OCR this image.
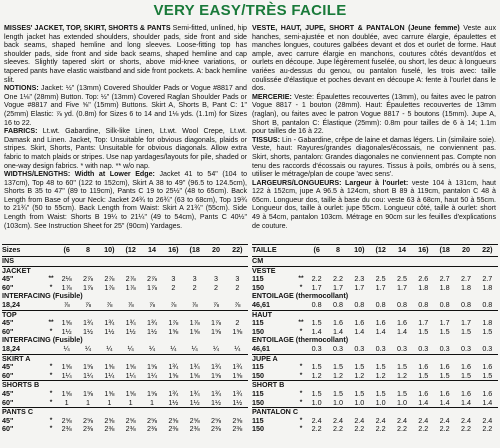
VERY EASY/TRÈS FACILE

MISSES' JACKET, TOP, SKIRT, SHORTS & PANTS Semi-fitted, unlined, hip length jacket has extended shoulders, shoulder pads, side front and side back seams, shaped hemline and long sleeves. Loose-fitting top has shoulder pads, side front and side back seams, shaped hemline and cap sleeves. Slightly tapered skirt or shorts, above mid-knee variations, or tapered pants have elastic waistband and side front pockets. A: back hemline slit.

NOTIONS: Jacket: ½" (13mm) Covered Shoulder Pads or Vogue #8817 and One 1⅛" (28mm) Button. Top: ½" (13mm) Covered Raglan Shoulder Pads or Vogue #8817 and Five ⅝" (15mm) Buttons. Skirt A, Shorts B, Pant C: 1" (25mm) Elastic: ⅞ yd. (0.8m) for Sizes 6 to 14 and 1⅛ yds. (1.1m) for Sizes 16 to 22.

FABRICS: Lt.wt. Gabardine, Silk-like Linen, Lt.wt. Wool Crepe, Lt.wt. Damask and Linen. Jacket, Top: Unsuitable for obvious diagonals, plaids or stripes. Skirt, Shorts, Pants: Unsuitable for obvious diagonals. Allow extra fabric to match plaids or stripes. Use nap yardages/layouts for pile, shaded or one-way design fabrics. * with nap. ** w/o nap.

WIDTHS/LENGTHS: Width at Lower Edge: Jacket 41 to 54" (104 to 137cm), Top 48 to 60" (122 to 152cm), Skirt A 38 to 49" (96.5 to 124.5cm), Shorts B 35 to 47" (89 to 119cm), Pants C 19 to 25½" (48 to 65cm). Back Length from Base of your Neck: Jacket 24¾ to 26¾" (63 to 68cm), Top 19¾ to 21¾" (50 to 55cm). Back Length from Waist: Skirt A 21¾" (55cm). Side Length from Waist: Shorts B 19¼ to 21¼" (49 to 54cm), Pants C 40½" (103cm). See Instruction Sheet for 25" (90cm) Yardages.

VESTE, HAUT, JUPE, SHORT & PANTALON (Jeune femme) Veste aux hanches, semi-ajustée et non doublée, avec carrure élargie, épaulettes et manches longues, coutures galbées devant et dos et ourlet de forme. Haut ample, avec carrure élargie en manchons, coutures côtés devant/dos et ourlets en découpe. Jupe légèrement fuselée, ou short, les deux: à longueurs variées au-dessus du genou, ou pantalon fuselé, les trois avec: taille coulissée d'élastique et poches devant en découpe A: fente à l'ourlet dans le dos.

MERCERIE: Veste: Épaulettes recouvertes (13mm), ou faites avec le patron Vogue 8817 - 1 bouton (28mm). Haut: Épaulettes recouvertes de 13mm (raglan), ou faites avec le patron Vogue 8817 - 5 boutons (15mm). Jupe A, Short B, pantalon C: Élastique (25mm): 0.8m pour tailles de 6 à 14; 1.1m pour tailles de 16 à 22.

TISSUS: Lin - Gabardine, crêpe de laine et damas légers. Lin (similaire soie). Veste, haut: Rayures/grandes diagonales/écossais, ne conviennent pas. Skirt, shorts, pantalon: Grandes diagonales ne conviennent pas. Compte non tenu des raccords d'écossais ou rayures. Tissus à poils, ombrés ou à sens, utiliser le métrage/plan de coupe 'avec sens'.

LARGEURS/LONGUEURS: Largeur à l'ourlet: veste 104 à 131cm, haut 122 à 152cm, jupe A 96.5 à 124cm, short B 89 à 119cm, pantalon C 48 à 65cm. Longueur dos, taille à base du cou: veste 63 à 68cm, haut 50 à 55cm. Longueur dos, taille à ourlet: jupe 55cm. Longueur côté, taille à ourlet: short 49 à 54cm, pantalon 103cm. Métrage en 90cm sur les feuilles d'explications de couture.

Sizes		(6	8	10)	(12	14	16)	(18	20	22)
INS										
JACKET										
45"	**	2⅛	2⅞	2⅞	2⅞	2⅞	3	3	3	3
60"	*	1⅞	1⅞	1⅞	1⅞	1⅞	2	2	2	2
INTERFACING (Fusible)										
18,24		⅞	⅞	⅞	⅞	⅞	⅞	⅞	⅞	⅞
TOP										
45"	**	1⅝	1¾	1¾	1¾	1¾	1⅞	1⅞	1⅞	2
60"	*	1½	1½	1½	1½	1½	1⅝	1⅝	1⅝	1⅝
INTERFACING (Fusible)										
18,24		¼	¼	¼	¼	¼	¼	¼	¼	¼
SKIRT A										
45"	*	1⅝	1⅝	1⅝	1⅝	1⅝	1¾	1¾	1¾	1¾
60"	*	1¼	1¼	1¼	1¼	1¼	1⅝	1⅝	1⅝	1⅝
SHORTS B										
45"	*	1⅝	1⅝	1⅝	1⅝	1⅝	1¾	1¾	1¾	1¾
60"	*	1	1	1	1	1	1½	1½	1½	1½
PANTS C										
45"	*	2⅝	2⅝	2⅝	2⅝	2⅝	2⅝	2⅝	2⅝	2⅝
60"	*	2⅜	2⅜	2⅜	2⅜	2⅜	2⅜	2⅜	2⅜	2⅜
TAILLE		(6	8	10)	(12	14	16)	(18	20	22)
CM										
VESTE										
115	**	2.2	2.2	2.3	2.5	2.5	2.6	2.7	2.7	2.7
150	*	1.7	1.7	1.7	1.7	1.7	1.8	1.8	1.8	1.8
ENTOILAGE (thermocollant)										
46,61		0.8	0.8	0.8	0.8	0.8	0.8	0.8	0.8	0.8
HAUT										
115	**	1.5	1.6	1.6	1.6	1.6	1.7	1.7	1.7	1.8
150	*	1.4	1.4	1.4	1.4	1.4	1.5	1.5	1.5	1.5
ENTOILAGE (thermocollant)										
46,61		0.3	0.3	0.3	0.3	0.3	0.3	0.3	0.3	0.3
JUPE A										
115	*	1.5	1.5	1.5	1.5	1.5	1.6	1.6	1.6	1.6
150	*	1.2	1.2	1.2	1.2	1.2	1.5	1.5	1.5	1.5
SHORT B										
115	*	1.5	1.5	1.5	1.5	1.5	1.6	1.6	1.6	1.6
150	*	1.0	1.0	1.0	1.0	1.0	1.4	1.4	1.4	1.4
PANTALON C										
115	*	2.4	2.4	2.4	2.4	2.4	2.4	2.4	2.4	2.4
150	*	2.2	2.2	2.2	2.2	2.2	2.2	2.2	2.2	2.2
